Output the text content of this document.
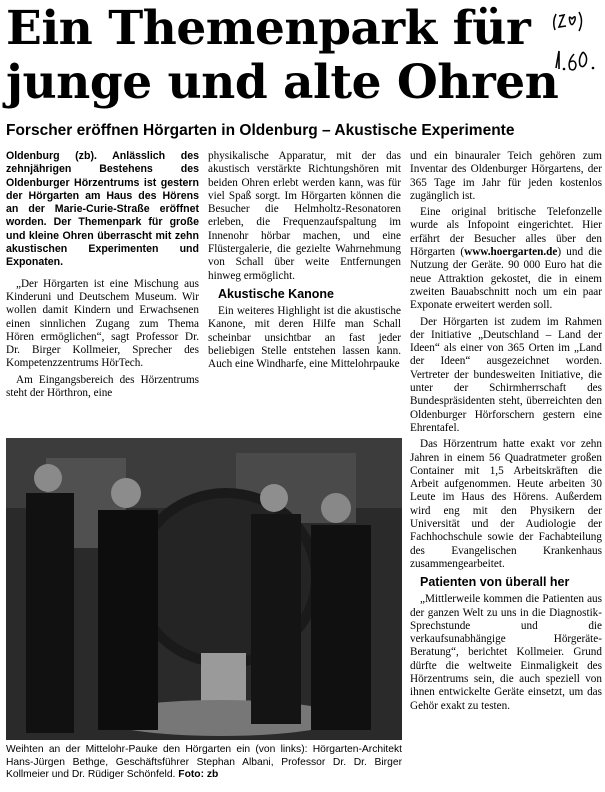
Ein Themenpark für
junge und alte Ohren
Forscher eröffnen Hörgarten in Oldenburg – Akustische Experimente
Oldenburg (zb). Anlässlich des zehnjährigen Bestehens des Oldenburger Hörzentrums ist gestern der Hörgarten am Haus des Hörens an der Marie-Curie-Straße eröffnet worden. Der Themenpark für große und kleine Ohren überrascht mit zehn akustischen Experimenten und Exponaten.

„Der Hörgarten ist eine Mischung aus Kinderuni und Deutschem Museum. Wir wollen damit Kindern und Erwachsenen einen sinnlichen Zugang zum Thema Hören ermöglichen“, sagt Professor Dr. Dr. Birger Kollmeier, Sprecher des Kompetenzzentrums HörTech.

Am Eingangsbereich des Hörzentrums steht der Hörthron, eine

physikalische Apparatur, mit der das akustisch verstärkte Richtungshören mit beiden Ohren erlebt werden kann, was für viel Spaß sorgt. Im Hörgarten können die Besucher die Helmholtz-Resonatoren erleben, die Frequenzaufspaltung im Innenohr hörbar machen, und eine Flüstergalerie, die gezielte Wahrnehmung von Schall über weite Entfernungen hinweg ermöglicht.

Akustische Kanone

Ein weiteres Highlight ist die akustische Kanone, mit deren Hilfe man Schall scheinbar unsichtbar an fast jeder beliebigen Stelle entstehen lassen kann. Auch eine Windharfe, eine Mittelohrpauke

und ein binauraler Teich gehören zum Inventar des Oldenburger Hörgartens, der 365 Tage im Jahr für jeden kostenlos zugänglich ist.

Eine original britische Telefonzelle wurde als Infopoint eingerichtet. Hier erfährt der Besucher alles über den Hörgarten (www.hoergarten.de) und die Nutzung der Geräte. 90 000 Euro hat die neue Attraktion gekostet, die in einem zweiten Bauabschnitt noch um ein paar Exponate erweitert werden soll.

Der Hörgarten ist zudem im Rahmen der Initiative „Deutschland – Land der Ideen“ als einer von 365 Orten im „Land der Ideen“ ausgezeichnet worden. Vertreter der bundesweiten Initiative, die unter der Schirmherrschaft des Bundespräsidenten steht, überreichten den Oldenburger Hörforschern gestern eine Ehrentafel.

Das Hörzentrum hatte exakt vor zehn Jahren in einem 56 Quadratmeter großen Container mit 1,5 Arbeitskräften die Arbeit aufgenommen. Heute arbeiten 30 Leute im Haus des Hörens. Außerdem wird eng mit den Physikern der Universität und der Audiologie der Fachhochschule sowie der Fachabteilung des Evangelischen Krankenhaus zusammengearbeitet.

Patienten von überall her

„Mittlerweile kommen die Patienten aus der ganzen Welt zu uns in die Diagnostik-Sprechstunde und die verkaufsunabhängige Hörgeräte-Beratung“, berichtet Kollmeier. Grund dürfte die weltweite Einmaligkeit des Hörzentrums sein, die auch speziell von ihnen entwickelte Geräte einsetzt, um das Gehör exakt zu testen.

Weihten an der Mittelohr-Pauke den Hörgarten ein (von links): Hörgarten-Architekt Hans-Jürgen Bethge, Geschäftsführer Stephan Albani, Professor Dr. Dr. Birger Kollmeier und Dr. Rüdiger Schönfeld. Foto: zb
